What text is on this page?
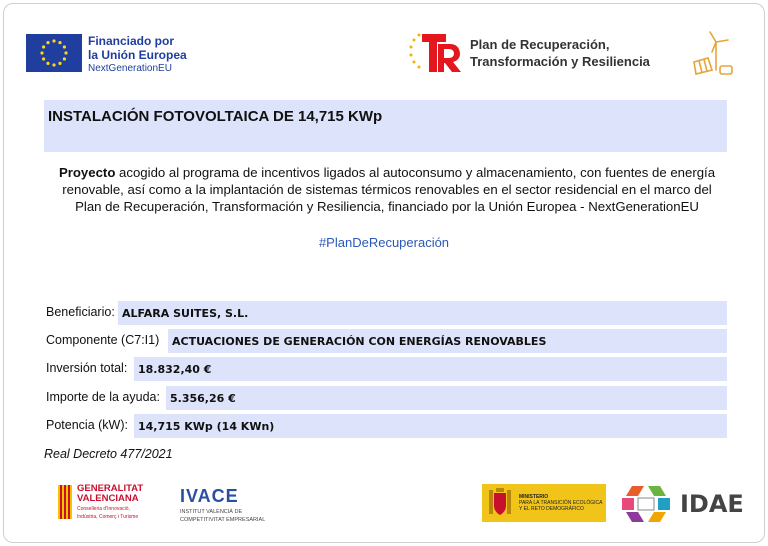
Financiado por
la Unión Europea
NextGenerationEU
Plan de Recuperación,
Transformación y Resiliencia
INSTALACIÓN FOTOVOLTAICA DE 14,715 KWp
Proyecto acogido al programa de incentivos ligados al autoconsumo y almacenamiento, con fuentes de energía
renovable, así como a la implantación de sistemas térmicos renovables en el sector residencial en el marco del
Plan de Recuperación, Transformación y Resiliencia, financiado por la Unión Europea - NextGenerationEU
#PlanDeRecuperación
Beneficiario: ALFARA SUITES, S.L.
Componente (C7:I1)	ACTUACIONES DE GENERACIÓN CON ENERGÍAS RENOVABLES
Inversión total: 18.832,40 €
Importe de la ayuda: 5.356,26 €
Potencia (kW): 14,715 KWp (14 KWn)
Real Decreto 477/2021
GENERALITAT
VALENCIANA
Conselleria d'Innovació,
Indústria, Comerç i Turisme
IVACE
INSTITUT VALENCIÀ DE
COMPETITIVITAT EMPRESARIAL
MINISTERIO
PARA LA TRANSICIÓN ECOLÓGICA
Y EL RETO DEMOGRÁFICO	IDAE
